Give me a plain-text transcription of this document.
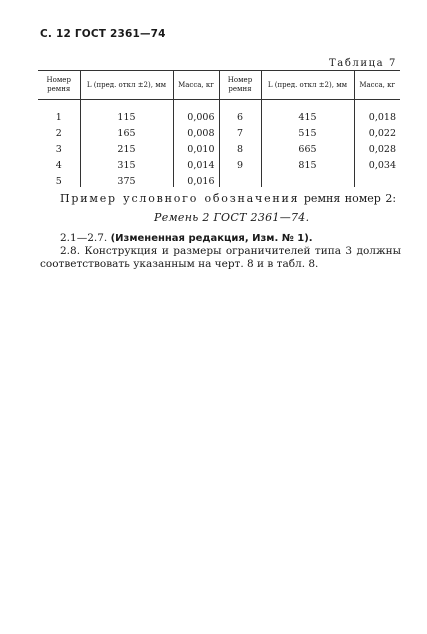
С. 12 ГОСТ 2361—74
Таблица 7
Номер ремня	L (пред. откл ±2), мм	Масса, кг	Номер ремня	L (пред. откл ±2), мм	Масса, кг

1	115	0,006	6	415	0,018
2	165	0,008	7	515	0,022
3	215	0,010	8	665	0,028
4	315	0,014	9	815	0,034
5	375	0,016			
Пример условного обозначения ремня номер 2:
Ремень 2 ГОСТ 2361—74.
2.1—2.7. (Измененная редакция, Изм. № 1).
2.8. Конструкция и размеры ограничителей типа 3 должны соответствовать указанным на черт. 8 и в табл. 8.
